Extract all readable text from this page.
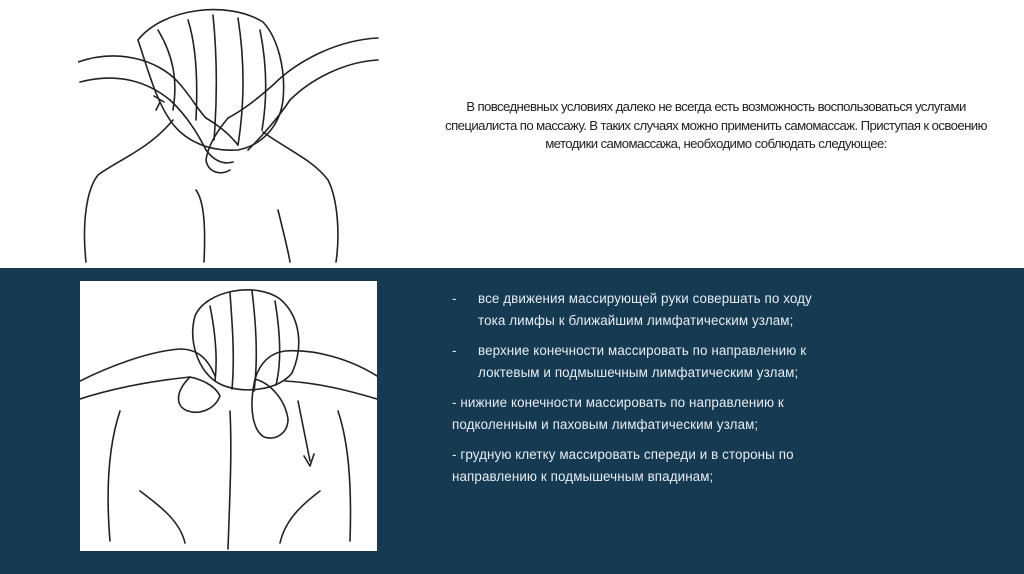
В повседневных условиях далеко не всегда есть возможность воспользоваться услугами специалиста по массажу. В таких случаях можно применить самомассаж. Приступая к освоению методики самомассажа, необходимо соблюдать следующее:
-	все движения массирующей руки совершать по ходу
тока лимфы к ближайшим лимфатическим узлам;
-	верхние конечности массировать по направлению к
локтевым и подмышечным лимфатическим узлам;
- нижние конечности массировать по направлению к
подколенным и паховым лимфатическим узлам;
- грудную клетку массировать спереди и в стороны по
направлению к подмышечным впадинам;
